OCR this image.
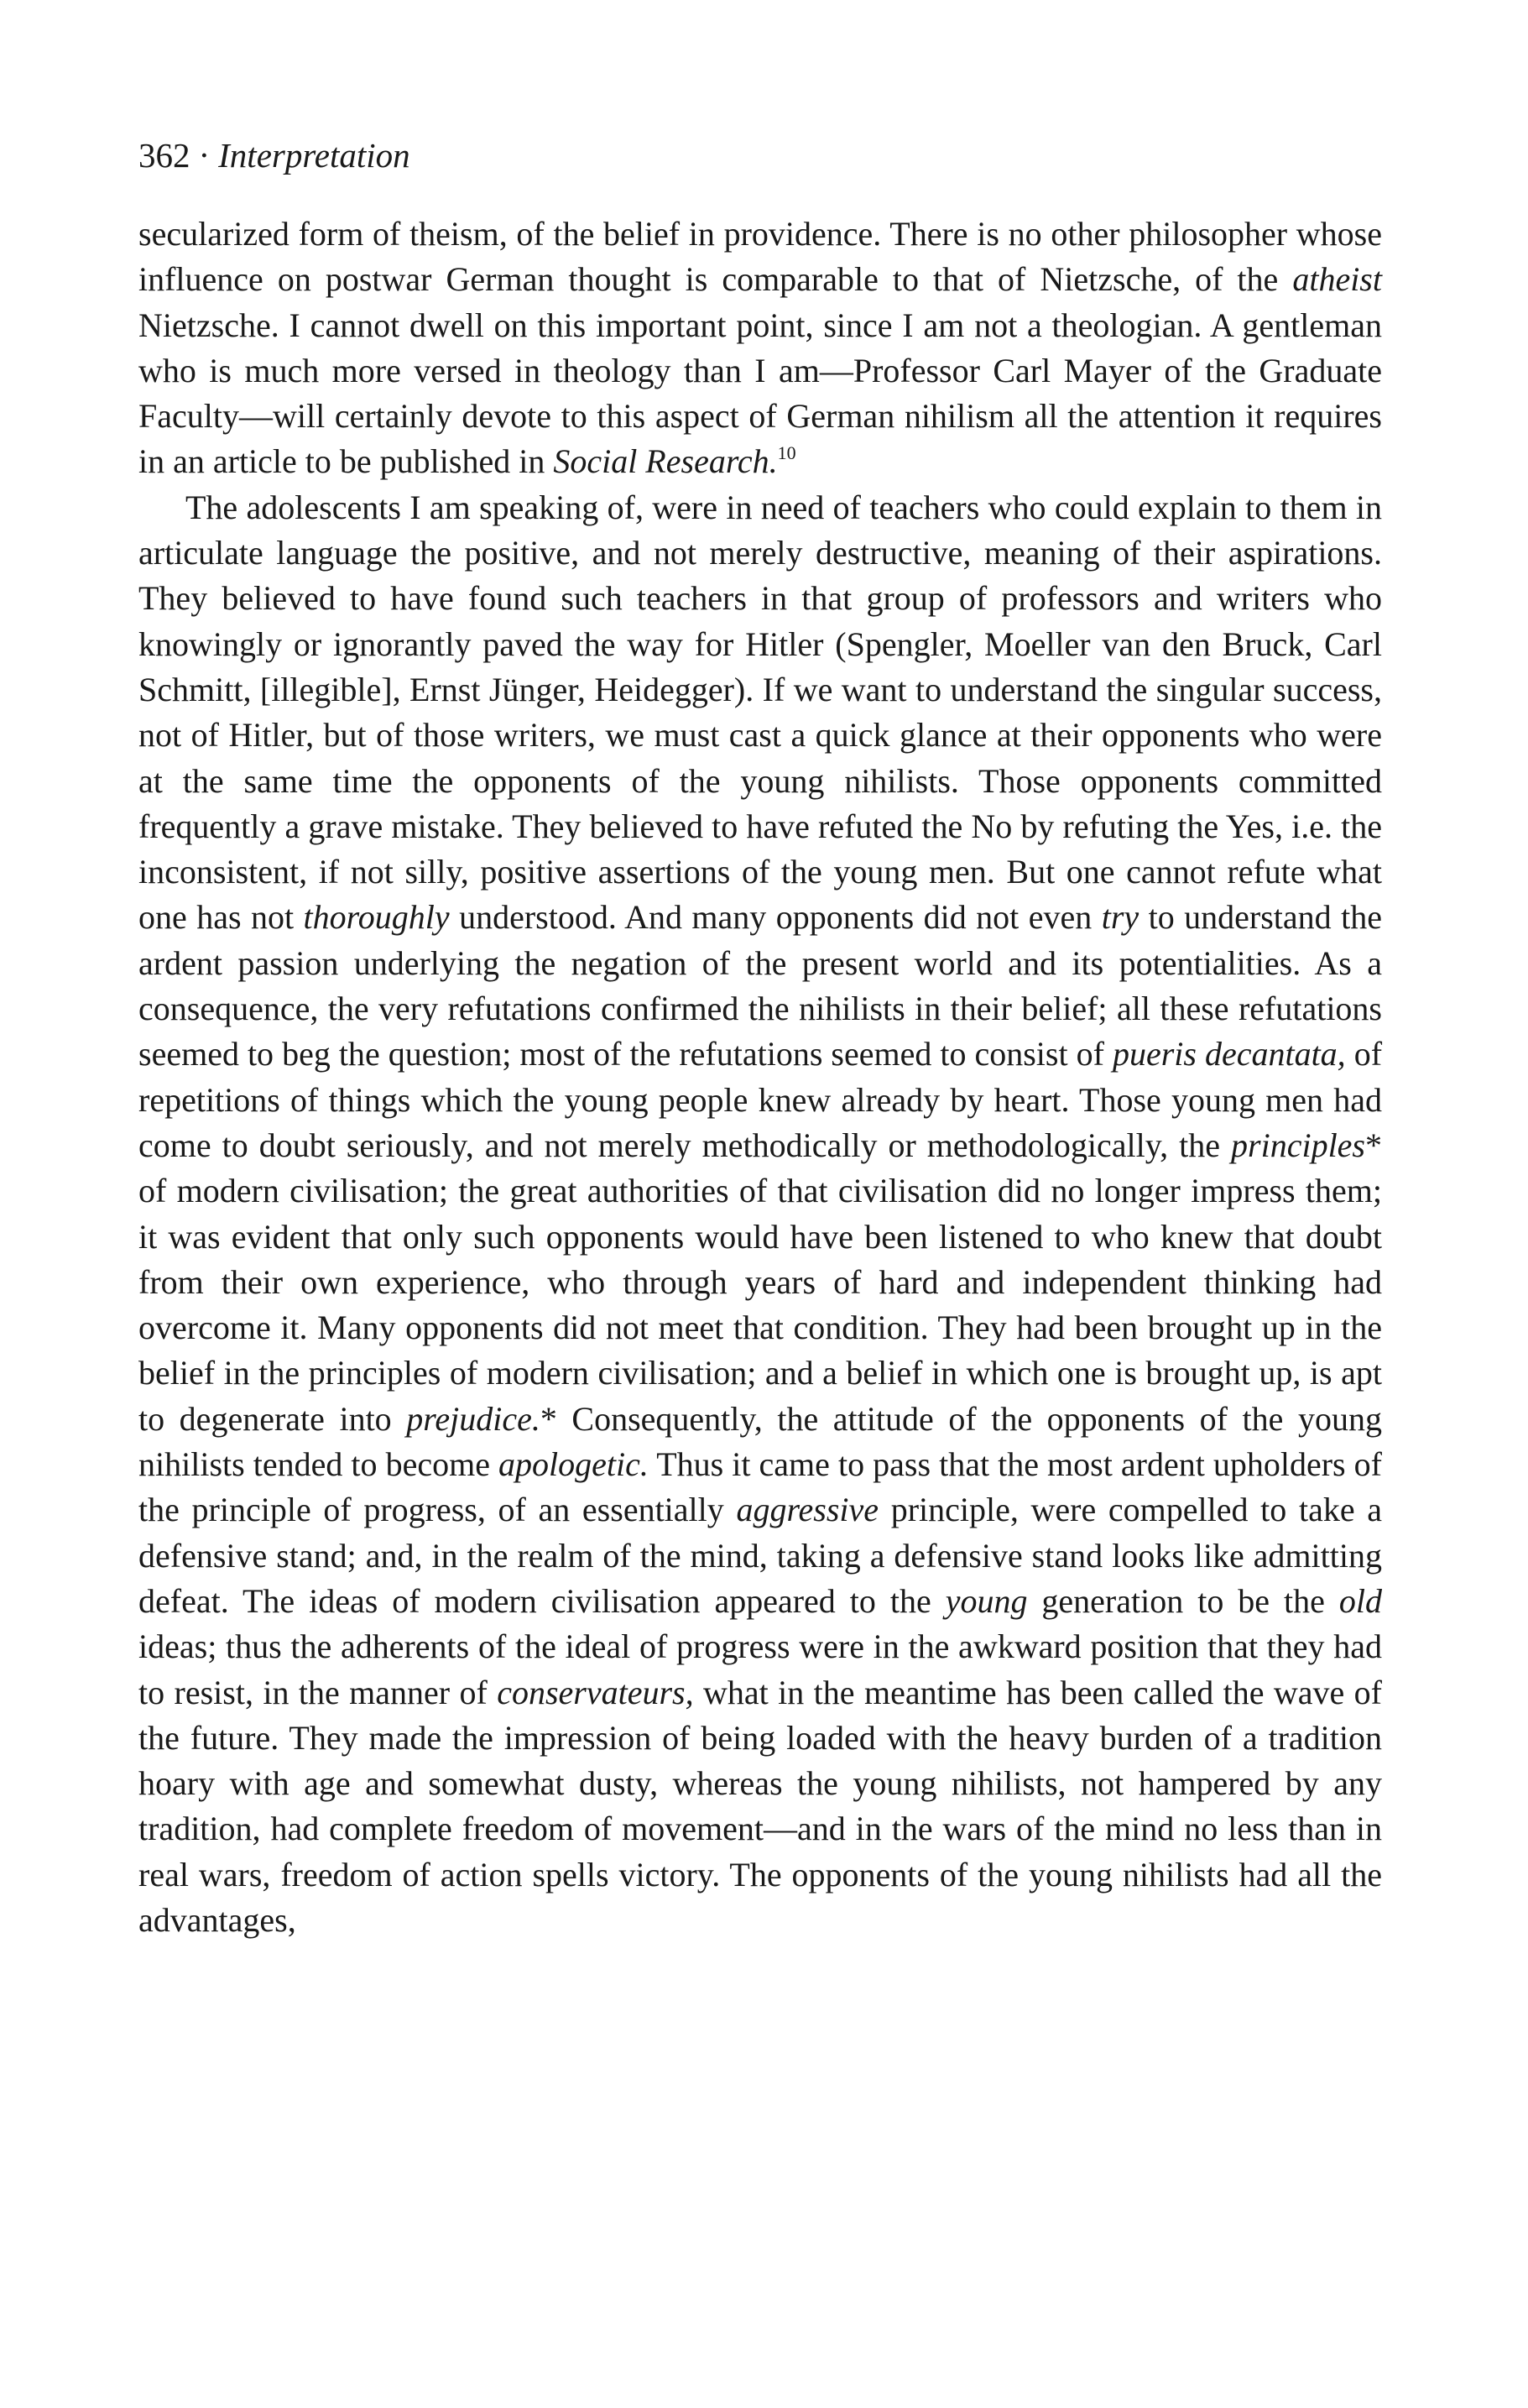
362 · Interpretation

secularized form of theism, of the belief in providence. There is no other philosopher whose influence on postwar German thought is comparable to that of Nietzsche, of the atheist Nietzsche. I cannot dwell on this important point, since I am not a theologian. A gentleman who is much more versed in theology than I am—Professor Carl Mayer of the Graduate Faculty—will certainly devote to this aspect of German nihilism all the attention it requires in an article to be published in Social Research.$^{10}$

The adolescents I am speaking of, were in need of teachers who could explain to them in articulate language the positive, and not merely destructive, meaning of their aspirations. They believed to have found such teachers in that group of professors and writers who knowingly or ignorantly paved the way for Hitler (Spengler, Moeller van den Bruck, Carl Schmitt, [illegible], Ernst Jünger, Heidegger). If we want to understand the singular success, not of Hitler, but of those writers, we must cast a quick glance at their opponents who were at the same time the opponents of the young nihilists. Those opponents committed frequently a grave mistake. They believed to have refuted the No by refuting the Yes, i.e. the inconsistent, if not silly, positive assertions of the young men. But one cannot refute what one has not thoroughly understood. And many opponents did not even try to understand the ardent passion underlying the negation of the present world and its potentialities. As a consequence, the very refutations confirmed the nihilists in their belief; all these refutations seemed to beg the question; most of the refutations seemed to consist of pueris decantata, of repetitions of things which the young people knew already by heart. Those young men had come to doubt seriously, and not merely methodically or methodologically, the principles* of modern civilisation; the great authorities of that civilisation did no longer impress them; it was evident that only such opponents would have been listened to who knew that doubt from their own experience, who through years of hard and independent thinking had overcome it. Many opponents did not meet that condition. They had been brought up in the belief in the principles of modern civilisation; and a belief in which one is brought up, is apt to degenerate into prejudice.* Consequently, the attitude of the opponents of the young nihilists tended to become apologetic. Thus it came to pass that the most ardent upholders of the principle of progress, of an essentially aggressive principle, were compelled to take a defensive stand; and, in the realm of the mind, taking a defensive stand looks like admitting defeat. The ideas of modern civilisation appeared to the young generation to be the old ideas; thus the adherents of the ideal of progress were in the awkward position that they had to resist, in the manner of conservateurs, what in the meantime has been called the wave of the future. They made the impression of being loaded with the heavy burden of a tradition hoary with age and somewhat dusty, whereas the young nihilists, not hampered by any tradition, had complete freedom of movement—and in the wars of the mind no less than in real wars, freedom of action spells victory. The opponents of the young nihilists had all the advantages,
